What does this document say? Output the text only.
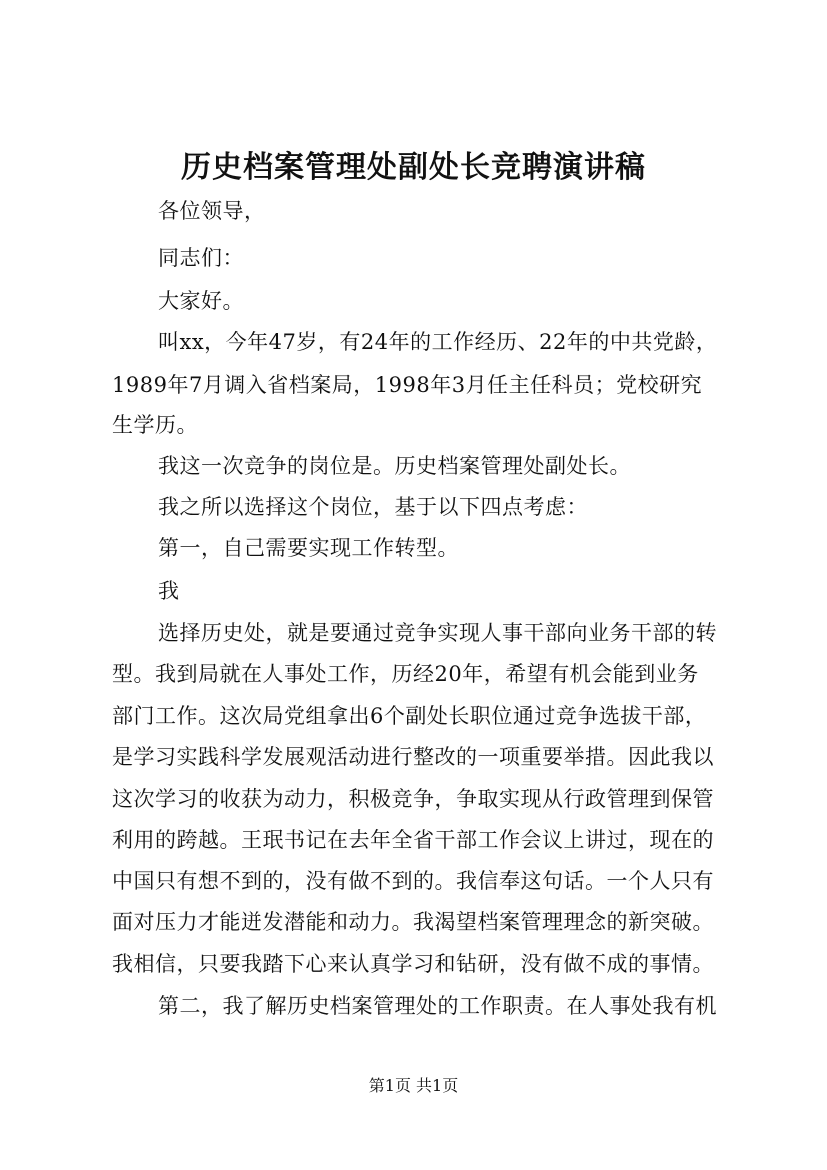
历史档案管理处副处长竞聘演讲稿
各位领导，
同志们：
大家好。
叫xx，今年47岁，有24年的工作经历、22年的中共党龄，
1989年7月调入省档案局，1998年3月任主任科员；党校研究
生学历。
我这一次竞争的岗位是。历史档案管理处副处长。
我之所以选择这个岗位，基于以下四点考虑：
第一，自己需要实现工作转型。
我
选择历史处，就是要通过竞争实现人事干部向业务干部的转
型。我到局就在人事处工作，历经20年，希望有机会能到业务
部门工作。这次局党组拿出6个副处长职位通过竞争选拔干部，
是学习实践科学发展观活动进行整改的一项重要举措。因此我以
这次学习的收获为动力，积极竞争，争取实现从行政管理到保管
利用的跨越。王珉书记在去年全省干部工作会议上讲过，现在的
中国只有想不到的，没有做不到的。我信奉这句话。一个人只有
面对压力才能迸发潜能和动力。我渴望档案管理理念的新突破。
我相信，只要我踏下心来认真学习和钻研，没有做不成的事情。
第二，我了解历史档案管理处的工作职责。在人事处我有机
第1页 共1页
